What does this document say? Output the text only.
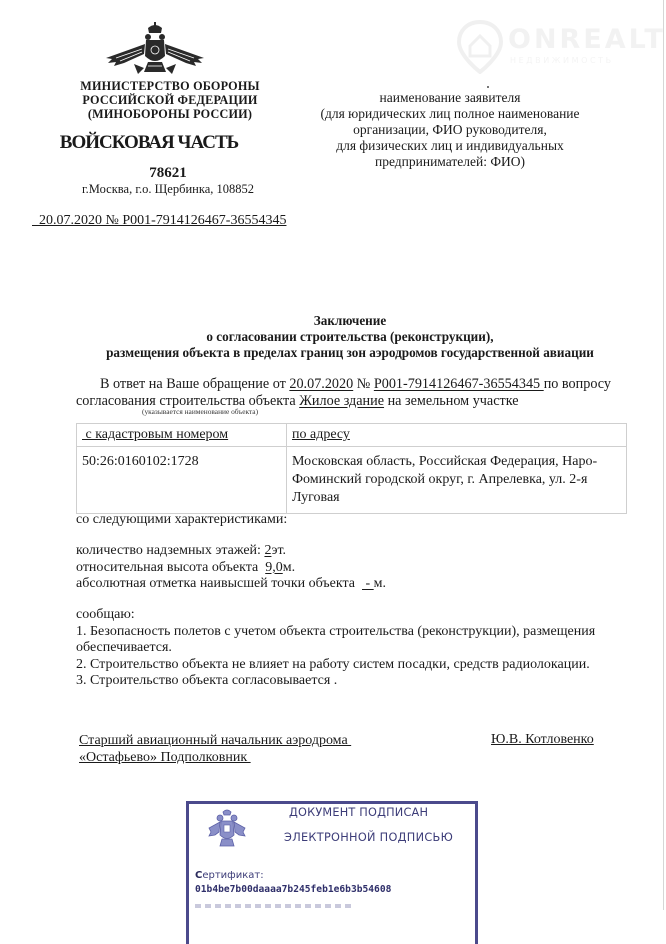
ONREALT
НЕДВИЖИМОСТЬ
МИНИСТЕРСТВО ОБОРОНЫ
РОССИЙСКОЙ ФЕДЕРАЦИИ
(МИНОБОРОНЫ РОССИИ)
ВОЙСКОВАЯ ЧАСТЬ
78621
г.Москва, г.о. Щербинка, 108852
20.07.2020 № P001-7914126467-36554345
наименование заявителя
(для юридических лиц полное наименование
организации, ФИО руководителя,
для физических лиц и индивидуальных
предпринимателей: ФИО)
Заключение
о согласовании строительства (реконструкции),
размещения объекта в пределах границ зон аэродромов государственной авиации
В ответ на Ваше обращение от 20.07.2020 № P001-7914126467-36554345 по вопросу согласования строительства объекта Жилое здание на земельном участке
(указывается наименование объекта)
с кадастровым номером	по адресу
50:26:0160102:1728	Московская область, Российская Федерация, Наро-Фоминский городской округ, г. Апрелевка, ул. 2-я Луговая
со следующими характеристиками:
количество надземных этажей: 2эт.
относительная высота объекта  9,0м.
абсолютная отметка наивысшей точки объекта   - м.
сообщаю:
1. Безопасность полетов с учетом объекта строительства (реконструкции), размещения обеспечивается.
2. Строительство объекта не влияет на работу систем посадки, средств радиолокации.
3. Строительство объекта согласовывается .
Старший авиационный начальник аэродрома
«Остафьево» Подполковник
Ю.В. Котловенко
ДОКУМЕНТ ПОДПИСАН
ЭЛЕКТРОННОЙ ПОДПИСЬЮ
Сертификат:
01b4be7b00daaaa7b245feb1e6b3b54608
